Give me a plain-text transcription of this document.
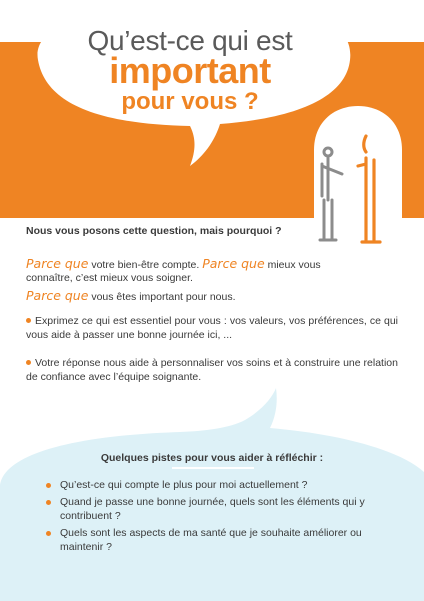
Qu’est-ce qui est
important
pour vous ?
Nous vous posons cette question, mais pourquoi ?
Parce que votre bien-être compte. Parce que mieux vous connaître, c’est mieux vous soigner.
Parce que vous êtes important pour nous.
Exprimez ce qui est essentiel pour vous : vos valeurs, vos préférences, ce qui vous aide à passer une bonne journée ici, ...
Votre réponse nous aide à personnaliser vos soins et à construire une relation de confiance avec l’équipe soignante.
Quelques pistes pour vous aider à réfléchir :
Qu’est-ce qui compte le plus pour moi actuellement ?
Quand je passe une bonne journée, quels sont les éléments qui y contribuent ?
Quels sont les aspects de ma santé que je souhaite améliorer ou maintenir ?
